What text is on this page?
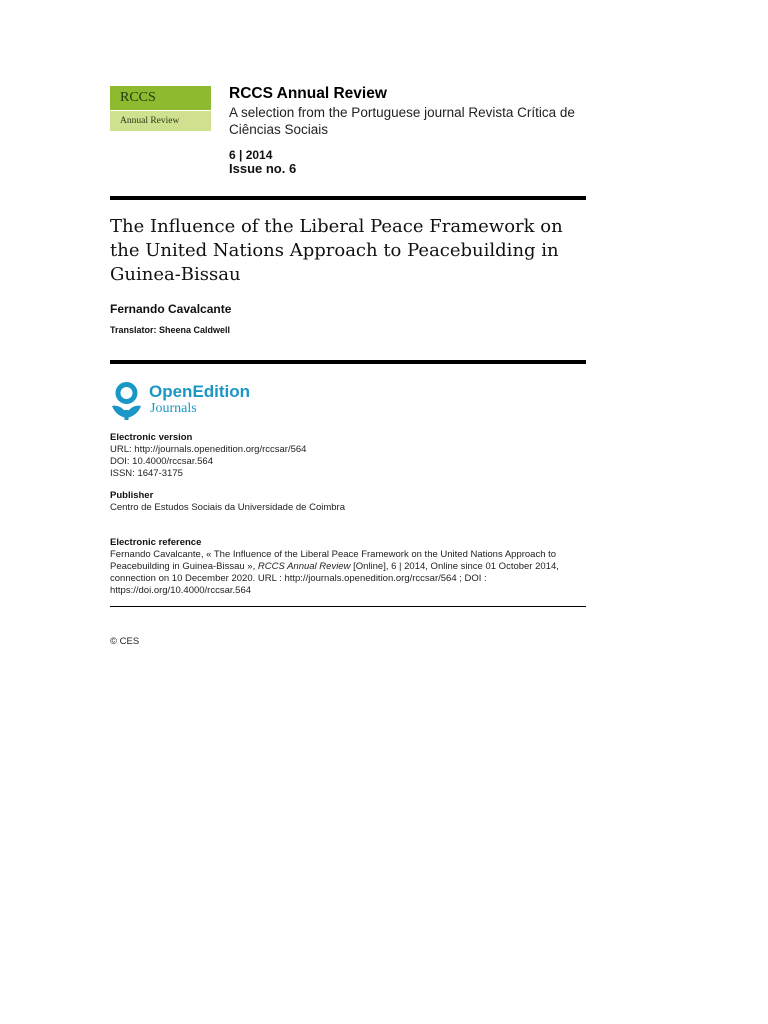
RCCS
Annual Review
RCCS Annual Review
A selection from the Portuguese journal Revista Crítica de Ciências Sociais
6 | 2014
Issue no. 6
The Influence of the Liberal Peace Framework on the United Nations Approach to Peacebuilding in Guinea-Bissau
Fernando Cavalcante
Translator: Sheena Caldwell
OpenEdition
Journals
Electronic version
URL: http://journals.openedition.org/rccsar/564
DOI: 10.4000/rccsar.564
ISSN: 1647-3175
Publisher
Centro de Estudos Sociais da Universidade de Coimbra
Electronic reference
Fernando Cavalcante, « The Influence of the Liberal Peace Framework on the United Nations Approach to Peacebuilding in Guinea-Bissau », RCCS Annual Review [Online], 6 | 2014, Online since 01 October 2014, connection on 10 December 2020. URL : http://journals.openedition.org/rccsar/564 ; DOI : https://doi.org/10.4000/rccsar.564
© CES
